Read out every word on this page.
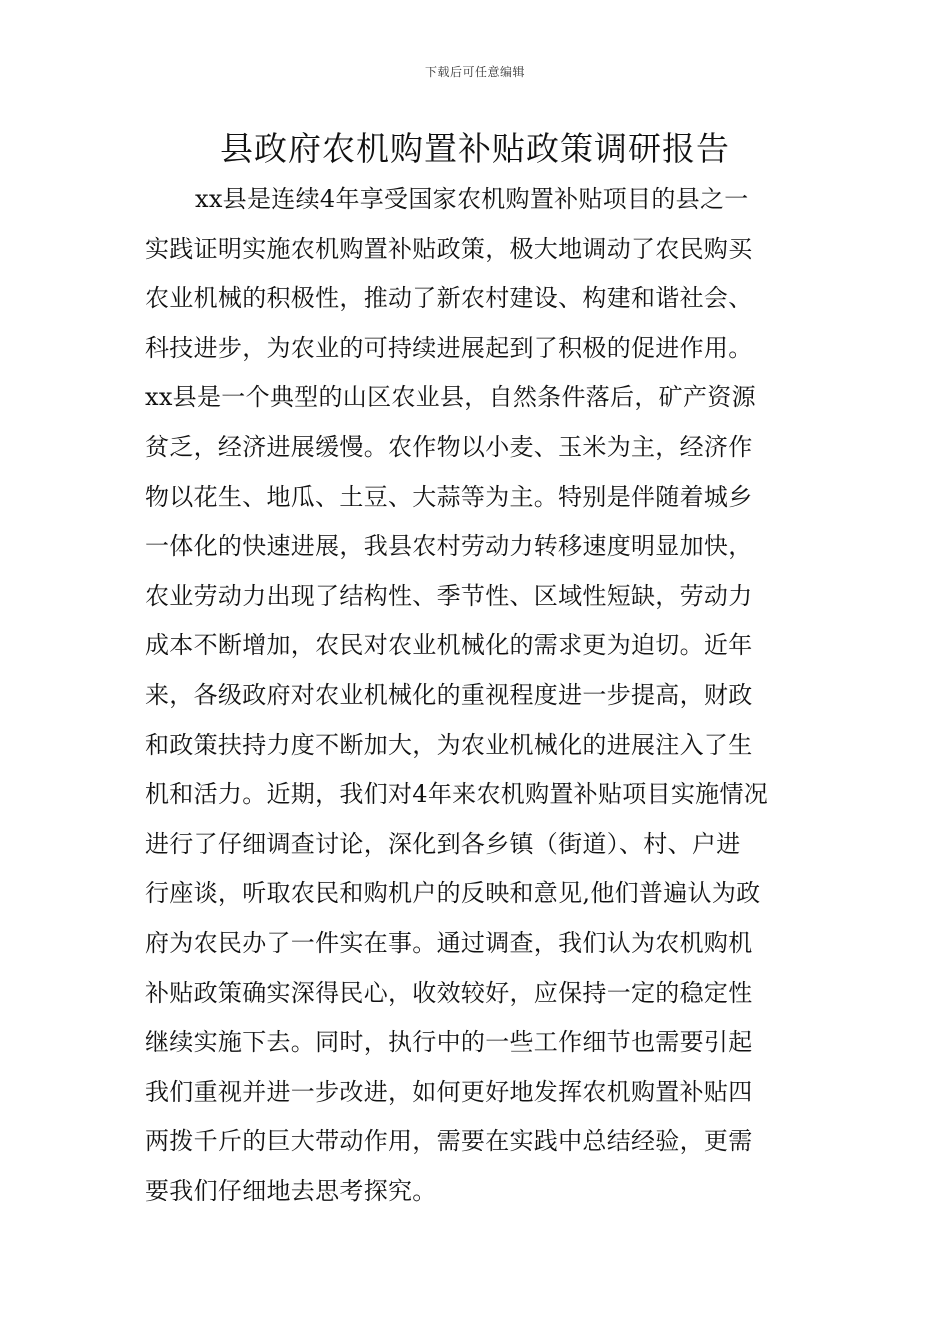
下载后可任意编辑
县政府农机购置补贴政策调研报告
xx县是连续4年享受国家农机购置补贴项目的县之一
实践证明实施农机购置补贴政策，极大地调动了农民购买
农业机械的积极性，推动了新农村建设、构建和谐社会、
科技进步，为农业的可持续进展起到了积极的促进作用。
xx县是一个典型的山区农业县，自然条件落后，矿产资源
贫乏，经济进展缓慢。农作物以小麦、玉米为主，经济作
物以花生、地瓜、土豆、大蒜等为主。特别是伴随着城乡
一体化的快速进展，我县农村劳动力转移速度明显加快，
农业劳动力出现了结构性、季节性、区域性短缺，劳动力
成本不断增加，农民对农业机械化的需求更为迫切。近年
来，各级政府对农业机械化的重视程度进一步提高，财政
和政策扶持力度不断加大，为农业机械化的进展注入了生
机和活力。近期，我们对4年来农机购置补贴项目实施情况
进行了仔细调查讨论，深化到各乡镇（街道）、村、户进
行座谈，听取农民和购机户的反映和意见,他们普遍认为政
府为农民办了一件实在事。通过调查，我们认为农机购机
补贴政策确实深得民心，收效较好，应保持一定的稳定性
继续实施下去。同时，执行中的一些工作细节也需要引起
我们重视并进一步改进，如何更好地发挥农机购置补贴四
两拨千斤的巨大带动作用，需要在实践中总结经验，更需
要我们仔细地去思考探究。
